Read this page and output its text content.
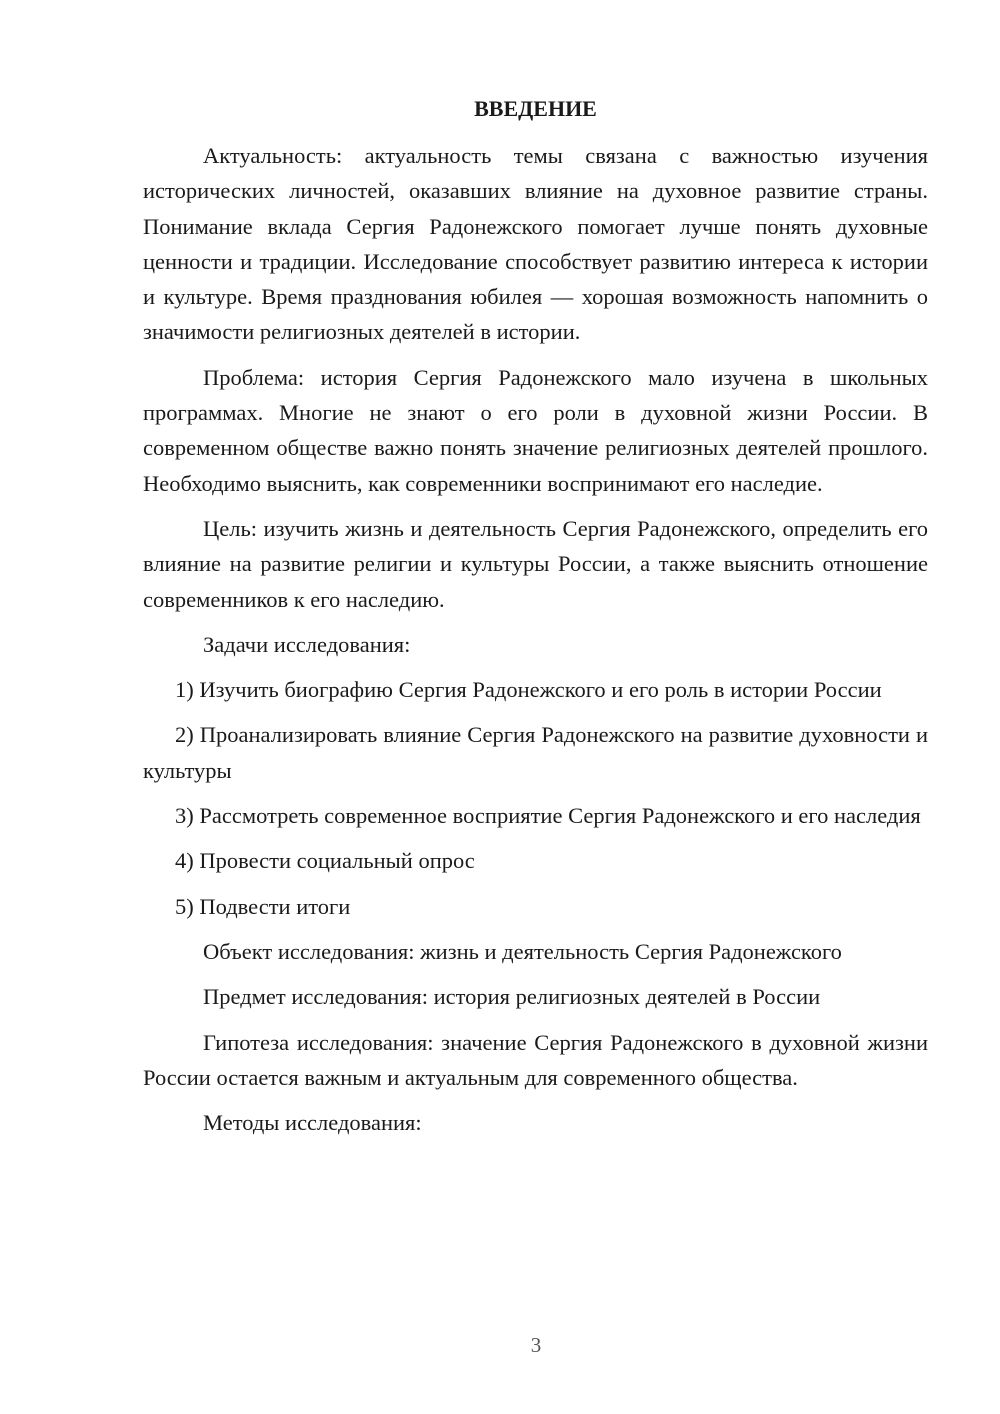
ВВЕДЕНИЕ

Актуальность: актуальность темы связана с важностью изучения исторических личностей, оказавших влияние на духовное развитие страны. Понимание вклада Сергия Радонежского помогает лучше понять духовные ценности и традиции. Исследование способствует развитию интереса к истории и культуре. Время празднования юбилея — хорошая возможность напомнить о значимости религиозных деятелей в истории.

Проблема: история Сергия Радонежского мало изучена в школьных программах. Многие не знают о его роли в духовной жизни России. В современном обществе важно понять значение религиозных деятелей прошлого. Необходимо выяснить, как современники воспринимают его наследие.

Цель: изучить жизнь и деятельность Сергия Радонежского, определить его влияние на развитие религии и культуры России, а также выяснить отношение современников к его наследию.

Задачи исследования:

1) Изучить биографию Сергия Радонежского и его роль в истории России

2) Проанализировать влияние Сергия Радонежского на развитие духовности и культуры

3) Рассмотреть современное восприятие Сергия Радонежского и его наследия

4) Провести социальный опрос

5) Подвести итоги

Объект исследования: жизнь и деятельность Сергия Радонежского

Предмет исследования: история религиозных деятелей в России

Гипотеза исследования: значение Сергия Радонежского в духовной жизни России остается важным и актуальным для современного общества.

Методы исследования:

3
